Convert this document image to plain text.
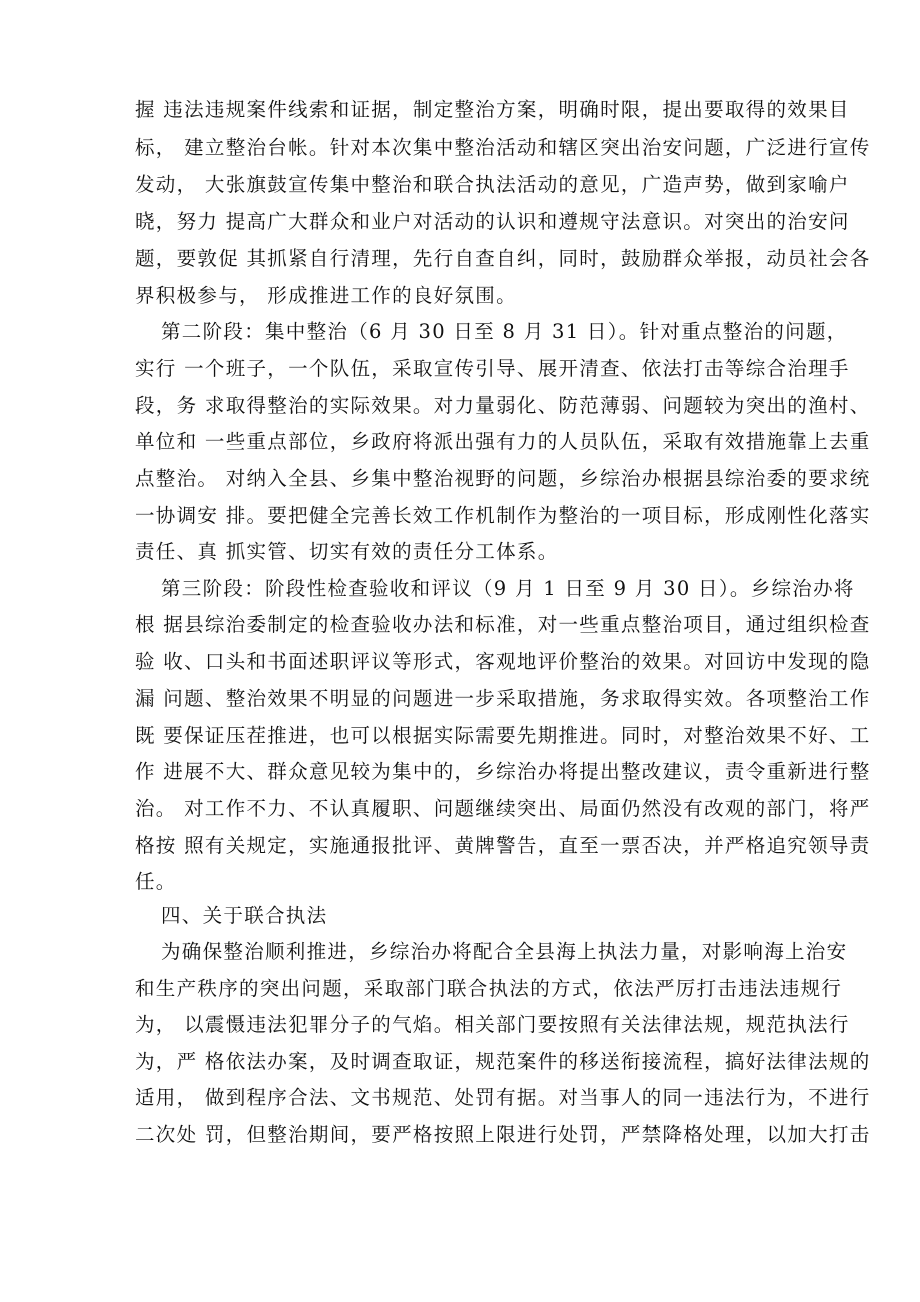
握 违法违规案件线索和证据，制定整治方案，明确时限，提出要取得的效果目
标， 建立整治台帐。针对本次集中整治活动和辖区突出治安问题，广泛进行宣传
发动， 大张旗鼓宣传集中整治和联合执法活动的意见，广造声势，做到家喻户
晓，努力 提高广大群众和业户对活动的认识和遵规守法意识。对突出的治安问
题，要敦促 其抓紧自行清理，先行自查自纠，同时，鼓励群众举报，动员社会各
界积极参与， 形成推进工作的良好氛围。
第二阶段：集中整治（6 月 30 日至 8 月 31 日）。针对重点整治的问题，
实行 一个班子，一个队伍，采取宣传引导、展开清查、依法打击等综合治理手
段，务 求取得整治的实际效果。对力量弱化、防范薄弱、问题较为突出的渔村、
单位和 一些重点部位，乡政府将派出强有力的人员队伍，采取有效措施靠上去重
点整治。 对纳入全县、乡集中整治视野的问题，乡综治办根据县综治委的要求统
一协调安 排。要把健全完善长效工作机制作为整治的一项目标，形成刚性化落实
责任、真 抓实管、切实有效的责任分工体系。
第三阶段：阶段性检查验收和评议（9 月 1 日至 9 月 30 日）。乡综治办将
根 据县综治委制定的检查验收办法和标准，对一些重点整治项目，通过组织检查
验 收、口头和书面述职评议等形式，客观地评价整治的效果。对回访中发现的隐
漏 问题、整治效果不明显的问题进一步采取措施，务求取得实效。各项整治工作
既 要保证压茬推进，也可以根据实际需要先期推进。同时，对整治效果不好、工
作 进展不大、群众意见较为集中的，乡综治办将提出整改建议，责令重新进行整
治。 对工作不力、不认真履职、问题继续突出、局面仍然没有改观的部门，将严
格按 照有关规定，实施通报批评、黄牌警告，直至一票否决，并严格追究领导责
任。
四、关于联合执法
为确保整治顺利推进，乡综治办将配合全县海上执法力量，对影响海上治安
和生产秩序的突出问题，采取部门联合执法的方式，依法严厉打击违法违规行
为， 以震慑违法犯罪分子的气焰。相关部门要按照有关法律法规，规范执法行
为，严 格依法办案，及时调查取证，规范案件的移送衔接流程，搞好法律法规的
适用， 做到程序合法、文书规范、处罚有据。对当事人的同一违法行为，不进行
二次处 罚，但整治期间，要严格按照上限进行处罚，严禁降格处理，以加大打击
